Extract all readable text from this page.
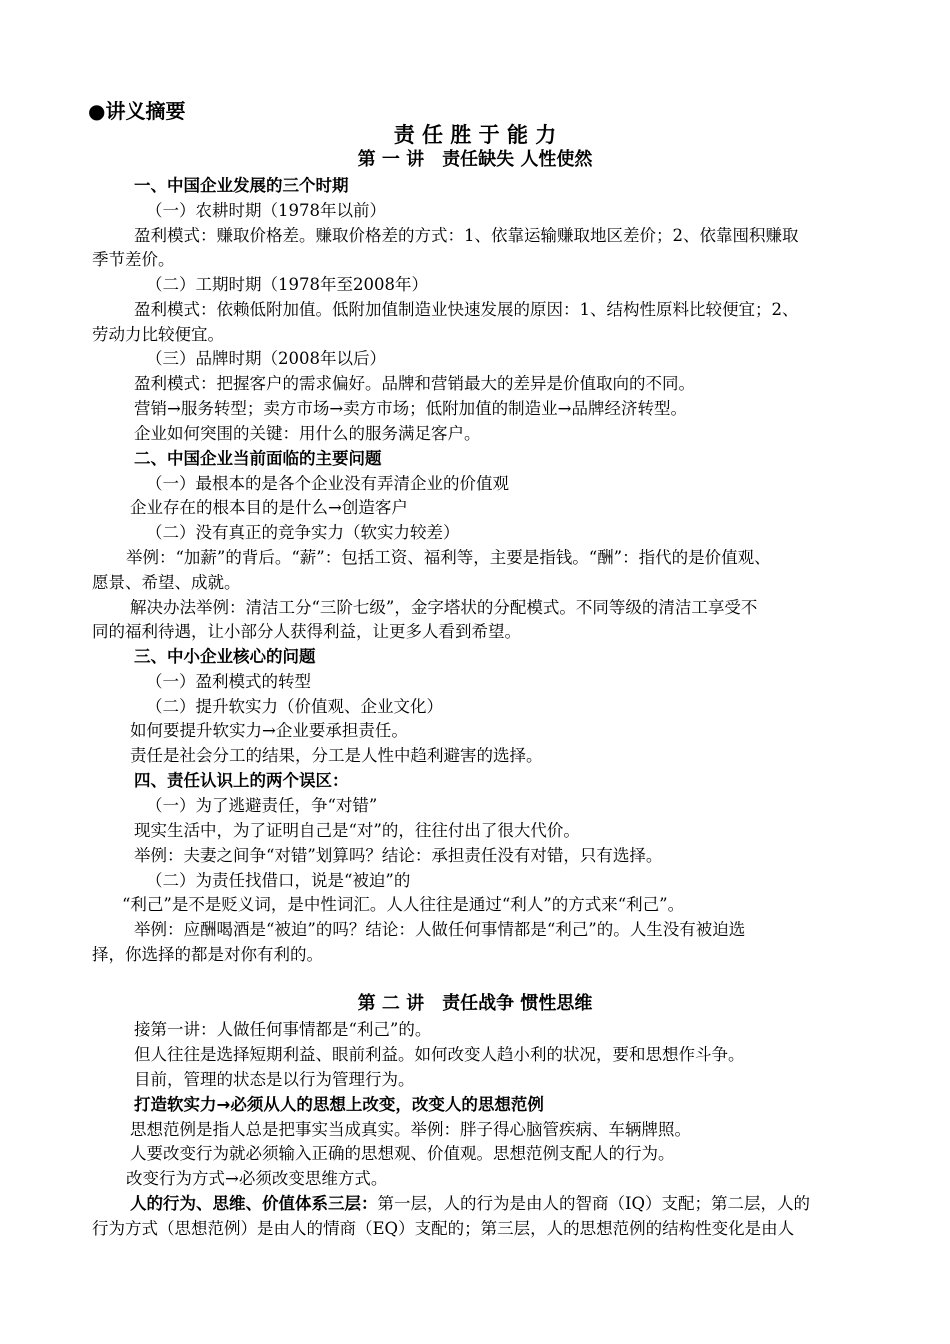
●讲义摘要
责 任 胜 于 能 力
第 一 讲　责任缺失 人性使然
一、中国企业发展的三个时期
（一）农耕时期（1978年以前）
盈利模式：赚取价格差。赚取价格差的方式：1、依靠运输赚取地区差价；2、依靠囤积赚取
季节差价。
（二）工期时期（1978年至2008年）
盈利模式：依赖低附加值。低附加值制造业快速发展的原因：1、结构性原料比较便宜；2、
劳动力比较便宜。
（三）品牌时期（2008年以后）
盈利模式：把握客户的需求偏好。品牌和营销最大的差异是价值取向的不同。
营销→服务转型；卖方市场→卖方市场；低附加值的制造业→品牌经济转型。
企业如何突围的关键：用什么的服务满足客户。
二、中国企业当前面临的主要问题
（一）最根本的是各个企业没有弄清企业的价值观
企业存在的根本目的是什么→创造客户
（二）没有真正的竞争实力（软实力较差）
举例：“加薪”的背后。“薪”：包括工资、福利等，主要是指钱。“酬”：指代的是价值观、
愿景、希望、成就。
解决办法举例：清洁工分“三阶七级”，金字塔状的分配模式。不同等级的清洁工享受不
同的福利待遇，让小部分人获得利益，让更多人看到希望。
三、中小企业核心的问题
（一）盈利模式的转型
（二）提升软实力（价值观、企业文化）
如何要提升软实力→企业要承担责任。
责任是社会分工的结果，分工是人性中趋利避害的选择。
四、责任认识上的两个误区：
（一）为了逃避责任，争“对错”
现实生活中，为了证明自己是“对”的，往往付出了很大代价。
举例：夫妻之间争“对错”划算吗？结论：承担责任没有对错，只有选择。
（二）为责任找借口，说是“被迫”的
“利己”是不是贬义词，是中性词汇。人人往往是通过“利人”的方式来“利己”。
举例：应酬喝酒是“被迫”的吗？结论：人做任何事情都是“利己”的。人生没有被迫选
择，你选择的都是对你有利的。
第 二 讲　责任战争 惯性思维
接第一讲：人做任何事情都是“利己”的。
但人往往是选择短期利益、眼前利益。如何改变人趋小利的状况，要和思想作斗争。
目前，管理的状态是以行为管理行为。
打造软实力→必须从人的思想上改变，改变人的思想范例
思想范例是指人总是把事实当成真实。举例：胖子得心脑管疾病、车辆牌照。
人要改变行为就必须输入正确的思想观、价值观。思想范例支配人的行为。
改变行为方式→必须改变思维方式。
人的行为、思维、价值体系三层：第一层，人的行为是由人的智商（IQ）支配；第二层，人的
行为方式（思想范例）是由人的情商（EQ）支配的；第三层，人的思想范例的结构性变化是由人
